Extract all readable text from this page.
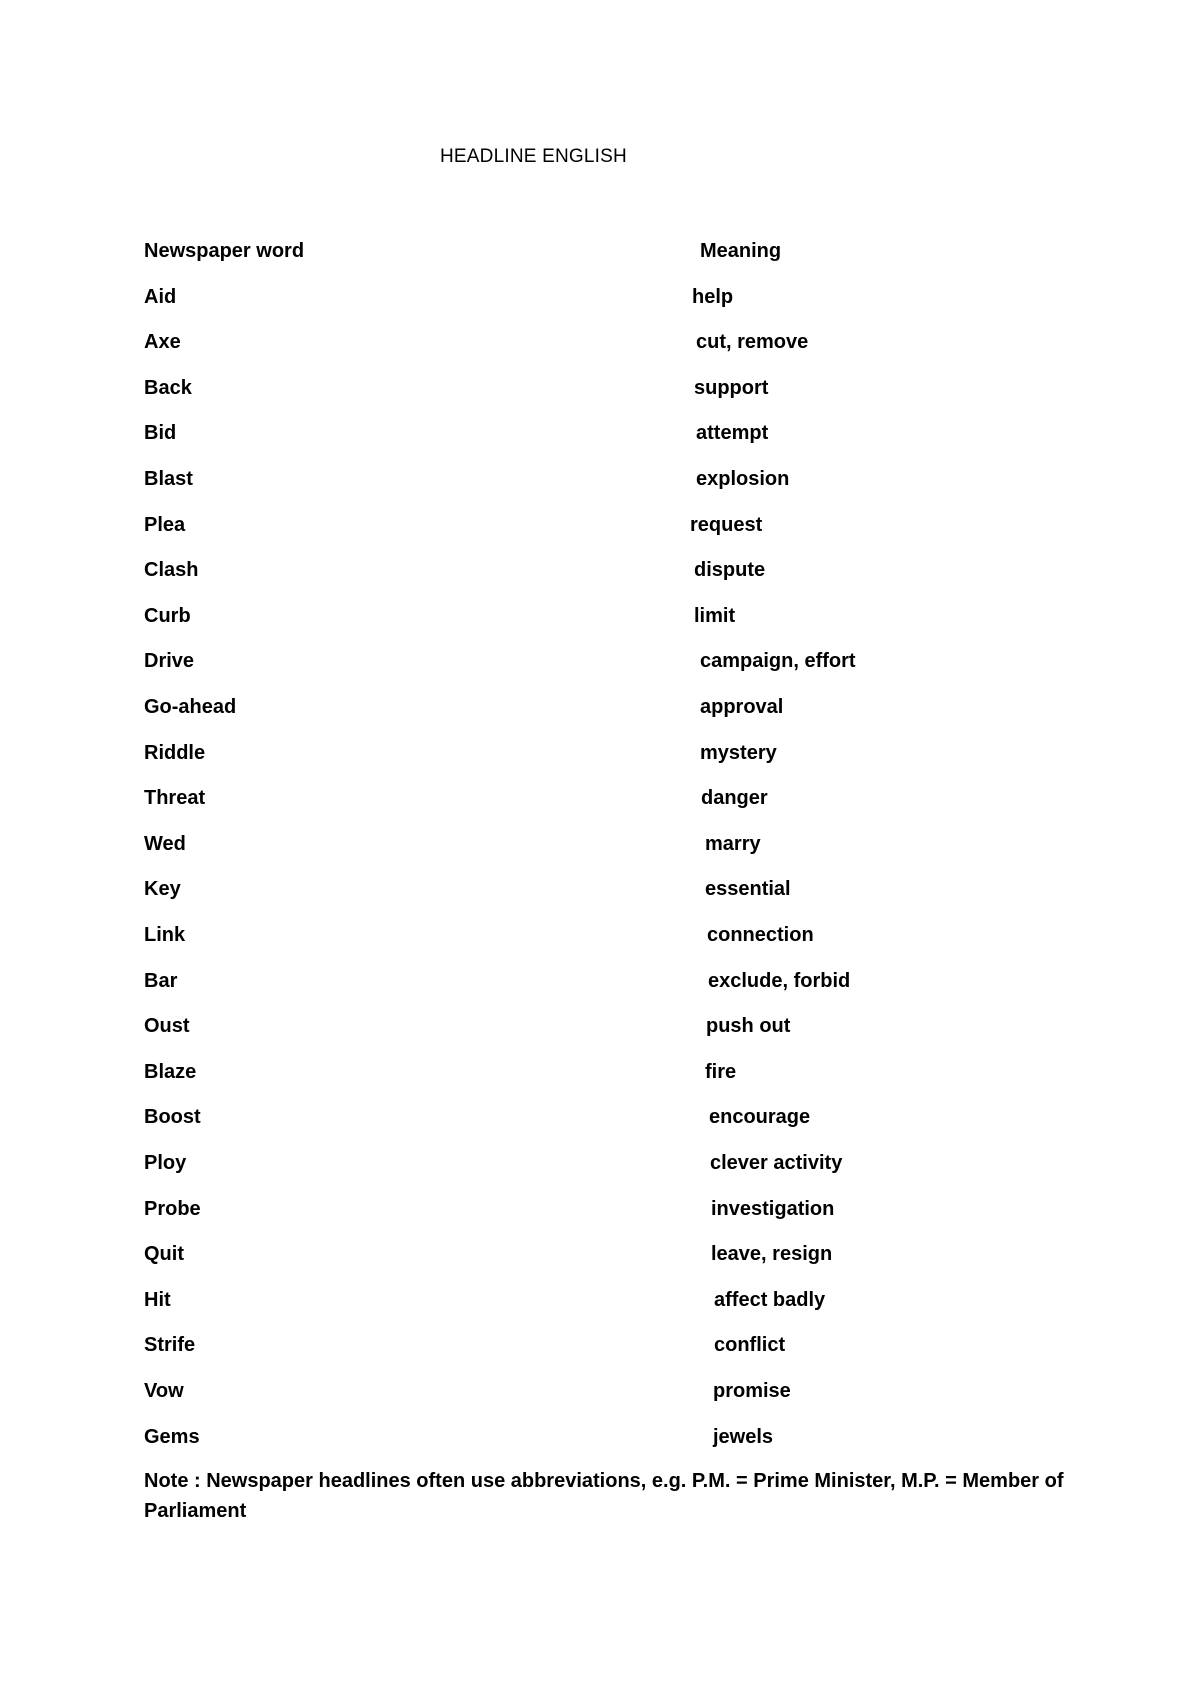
HEADLINE ENGLISH
Newspaper word	Meaning
Aid	help
Axe	cut, remove
Back	support
Bid	attempt
Blast	explosion
Plea	request
Clash	dispute
Curb	limit
Drive	campaign, effort
Go-ahead	approval
Riddle	mystery
Threat	danger
Wed	marry
Key	essential
Link	connection
Bar	exclude, forbid
Oust	push out
Blaze	fire
Boost	encourage
Ploy	clever activity
Probe	investigation
Quit	leave, resign
Hit	affect badly
Strife	conflict
Vow	promise
Gems	jewels
Note : Newspaper headlines often use abbreviations, e.g. P.M. = Prime Minister, M.P. = Member of Parliament
